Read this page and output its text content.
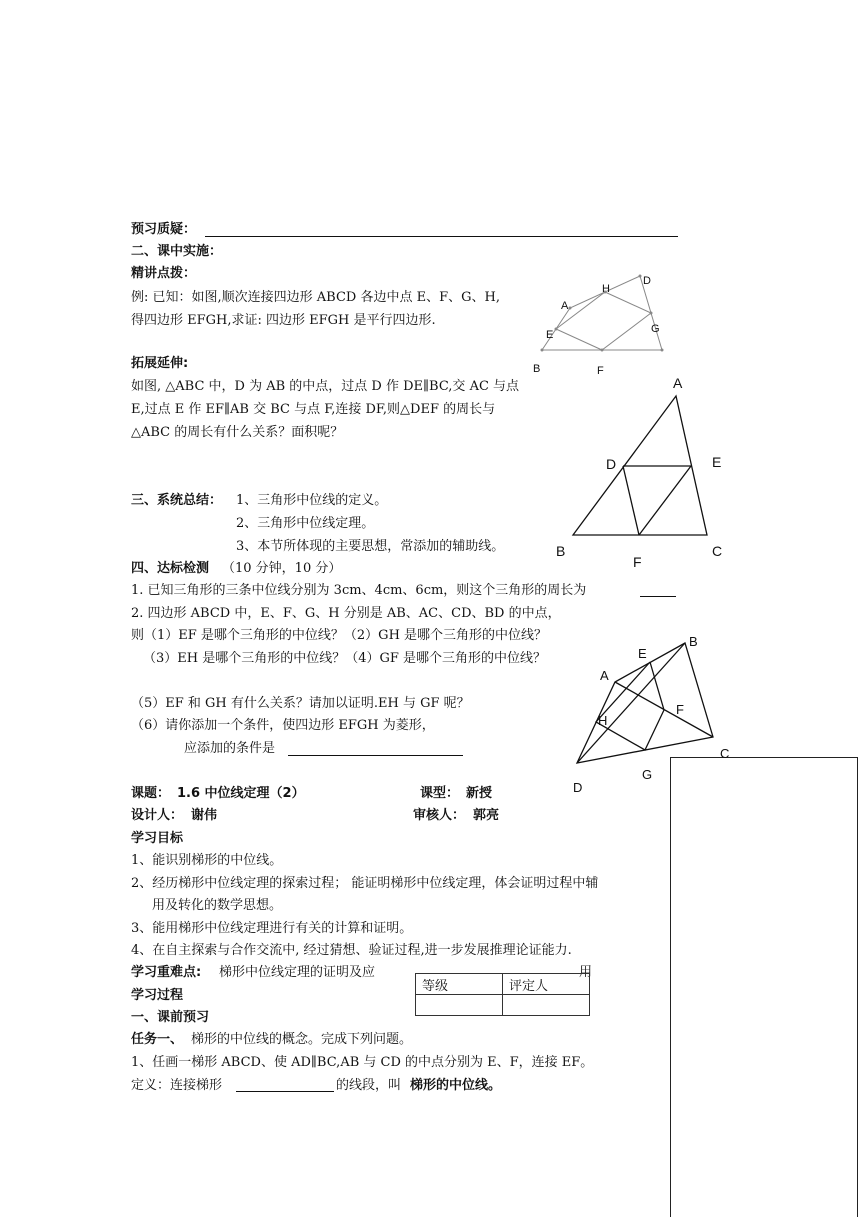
预习质疑：
二、课中实施：
精讲点拨：
例: 已知：如图,顺次连接四边形 ABCD 各边中点 E、F、G、H,
得四边形 EFGH,求证: 四边形 EFGH 是平行四边形.
拓展延伸:
如图, △ABC 中，D 为 AB 的中点，过点 D 作 DE∥BC,交 AC 与点
E,过点 E 作 EF∥AB 交 BC 与点 F,连接 DF,则△DEF 的周长与
△ABC 的周长有什么关系？面积呢？
三、系统总结： 1、三角形中位线的定义。
2、三角形中位线定理。
3、本节所体现的主要思想，常添加的辅助线。
四、达标检测 （10 分钟，10 分）
1. 已知三角形的三条中位线分别为 3cm、4cm、6cm，则这个三角形的周长为
2. 四边形 ABCD 中，E、F、G、H 分别是 AB、AC、CD、BD 的中点，
则（1）EF 是哪个三角形的中位线？（2）GH 是哪个三角形的中位线？
（3）EH 是哪个三角形的中位线？（4）GF 是哪个三角形的中位线？
（5）EF 和 GH 有什么关系？请加以证明.EH 与 GF 呢？
（6）请你添加一个条件，使四边形 EFGH 为菱形，
应添加的条件是
课题： 1.6 中位线定理（2）	课型： 新授
设计人： 谢伟	审核人： 郭亮
学习目标
1、能识别梯形的中位线。
2、经历梯形中位线定理的探索过程； 能证明梯形中位线定理，体会证明过程中辅
用及转化的数学思想。
3、能用梯形中位线定理进行有关的计算和证明。
4、在自主探索与合作交流中, 经过猜想、验证过程,进一步发展推理论证能力.
学习重难点: 梯形中位线定理的证明及应	用
等级	评定人

学习过程
一、课前预习
任务一、 梯形的中位线的概念。完成下列问题。
1、任画一梯形 ABCD、使 AD∥BC,AB 与 CD 的中点分别为 E、F，连接 EF。
定义：连接梯形	的线段，叫 梯形的中位线。
D
H
A
E	G
B	F
A
D	E
B
F
C
B
E
A
F
H
C
G
D
